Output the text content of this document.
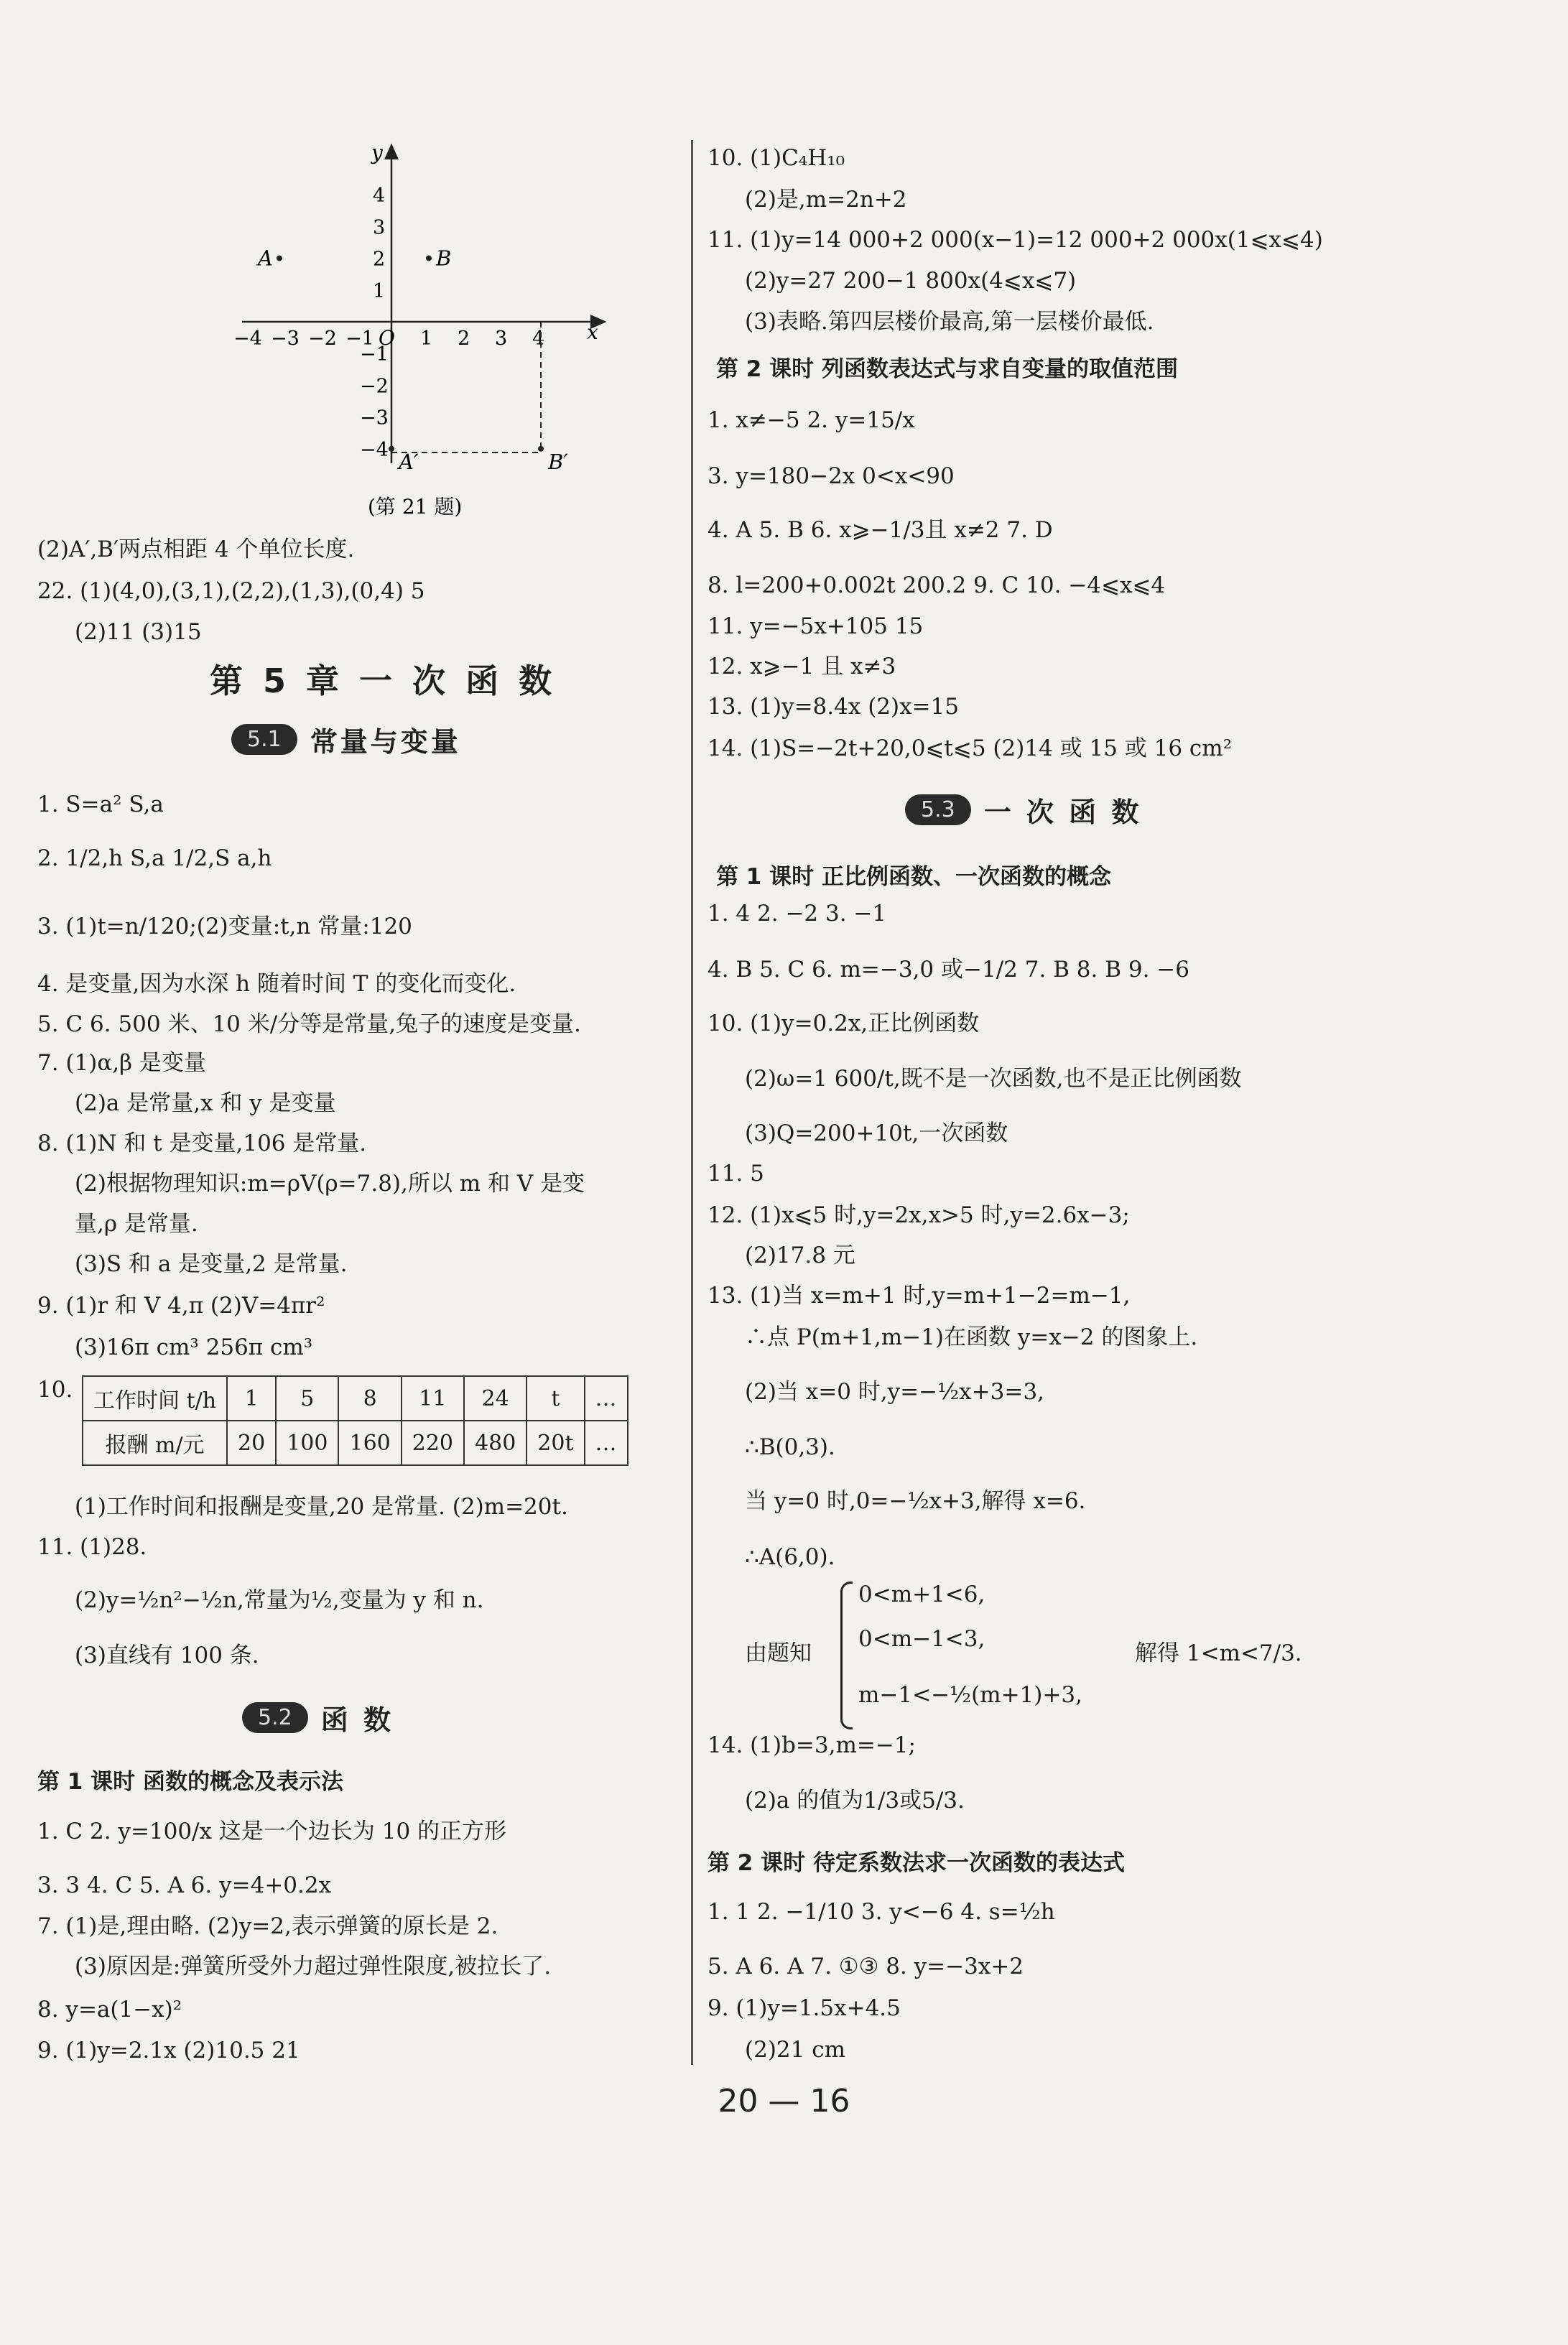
x
y
O
−4 −3 −2 −1 1 2 3 4
4
3
2
1
−1
−2
−3
−4
A	B
A′	B′
(第 21 题)
(2)A′,B′两点相距 4 个单位长度.
22. (1)(4,0),(3,1),(2,2),(1,3),(0,4) 5
(2)11 (3)15
第 5 章 一 次 函 数
5.1	常量与变量
1. S=a² S,a
2. 1/2,h S,a 1/2,S a,h
3. (1)t=n/120;(2)变量:t,n 常量:120
4. 是变量,因为水深 h 随着时间 T 的变化而变化.
5. C 6. 500 米、10 米/分等是常量,兔子的速度是变量.
7. (1)α,β 是变量
(2)a 是常量,x 和 y 是变量
8. (1)N 和 t 是变量,106 是常量.
(2)根据物理知识:m=ρV(ρ=7.8),所以 m 和 V 是变
量,ρ 是常量.
(3)S 和 a 是变量,2 是常量.
9. (1)r 和 V 4,π (2)V=4πr²
(3)16π cm³ 256π cm³
10. 工作时间 t/h	1	5	8	11	24	t	…
报酬 m/元	20	100	160	220	480	20t	…
(1)工作时间和报酬是变量,20 是常量. (2)m=20t.
11. (1)28.
(2)y=½n²−½n,常量为½,变量为 y 和 n.
(3)直线有 100 条.
5.2	函 数
第 1 课时 函数的概念及表示法
1. C 2. y=100/x 这是一个边长为 10 的正方形
3. 3 4. C 5. A 6. y=4+0.2x
7. (1)是,理由略. (2)y=2,表示弹簧的原长是 2.
(3)原因是:弹簧所受外力超过弹性限度,被拉长了.
8. y=a(1−x)²
9. (1)y=2.1x (2)10.5 21
10. (1)C₄H₁₀
(2)是,m=2n+2
11. (1)y=14 000+2 000(x−1)=12 000+2 000x(1⩽x⩽4)
(2)y=27 200−1 800x(4⩽x⩽7)
(3)表略.第四层楼价最高,第一层楼价最低.
第 2 课时 列函数表达式与求自变量的取值范围
1. x≠−5 2. y=15/x
3. y=180−2x 0<x<90
4. A 5. B 6. x⩾−1/3且 x≠2 7. D
8. l=200+0.002t 200.2 9. C 10. −4⩽x⩽4
11. y=−5x+105 15
12. x⩾−1 且 x≠3
13. (1)y=8.4x (2)x=15
14. (1)S=−2t+20,0⩽t⩽5 (2)14 或 15 或 16 cm²
5.3	一 次 函 数
第 1 课时 正比例函数、一次函数的概念
1. 4 2. −2 3. −1
4. B 5. C 6. m=−3,0 或−1/2 7. B 8. B 9. −6
10. (1)y=0.2x,正比例函数
(2)ω=1 600/t,既不是一次函数,也不是正比例函数
(3)Q=200+10t,一次函数
11. 5
12. (1)x⩽5 时,y=2x,x>5 时,y=2.6x−3;
(2)17.8 元
13. (1)当 x=m+1 时,y=m+1−2=m−1,
∴点 P(m+1,m−1)在函数 y=x−2 的图象上.
(2)当 x=0 时,y=−½x+3=3,
∴B(0,3).
当 y=0 时,0=−½x+3,解得 x=6.
∴A(6,0).
由题知
0<m+1<6,
0<m−1<3,
m−1<−½(m+1)+3,
解得 1<m<7/3.
14. (1)b=3,m=−1;
(2)a 的值为1/3或5/3.
第 2 课时 待定系数法求一次函数的表达式
1. 1 2. −1/10 3. y<−6 4. s=½h
5. A 6. A 7. ①③ 8. y=−3x+2
9. (1)y=1.5x+4.5
(2)21 cm
20 — 16
